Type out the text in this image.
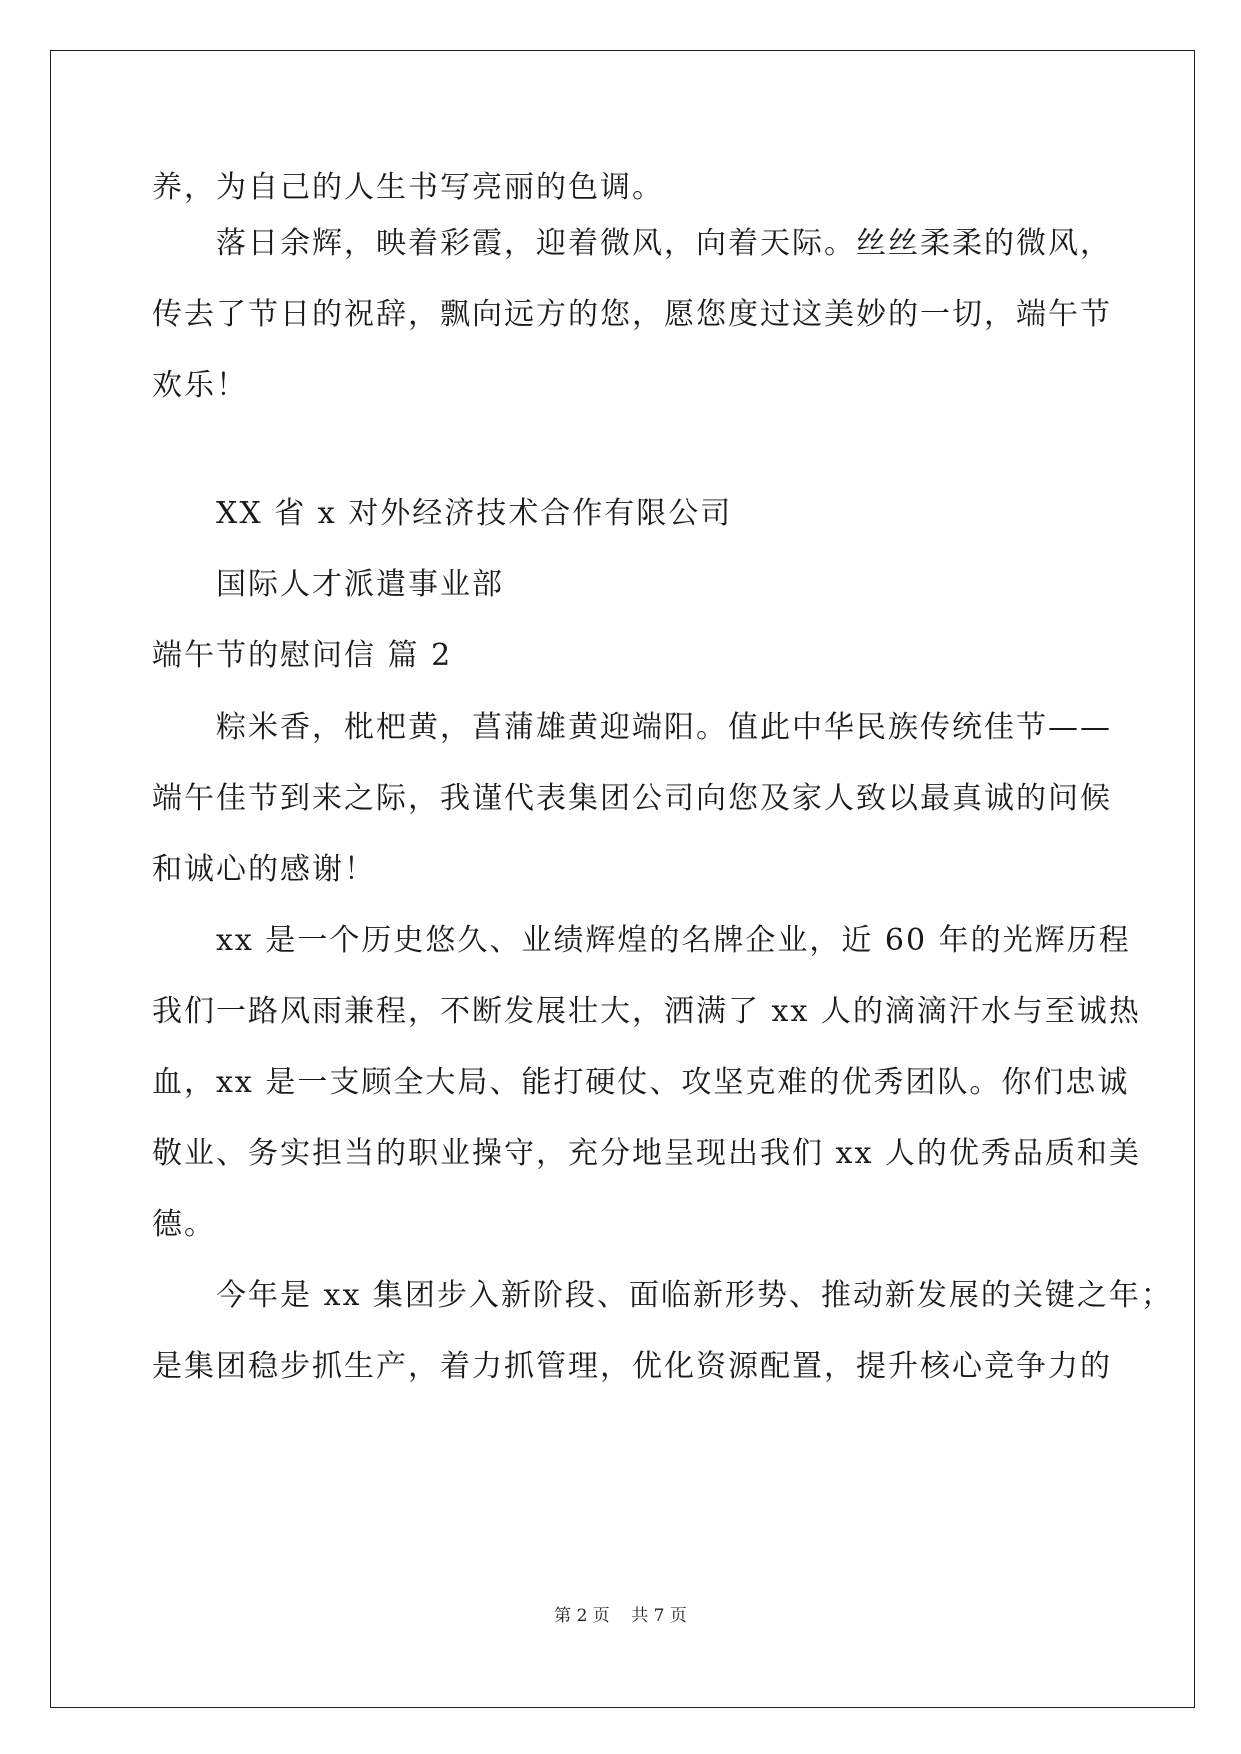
养，为自己的人生书写亮丽的色调。
落日余辉，映着彩霞，迎着微风，向着天际。丝丝柔柔的微风，
传去了节日的祝辞，飘向远方的您，愿您度过这美妙的一切，端午节
欢乐！
XX 省 x 对外经济技术合作有限公司
国际人才派遣事业部
端午节的慰问信 篇 2
粽米香，枇杷黄，菖蒲雄黄迎端阳。值此中华民族传统佳节——
端午佳节到来之际，我谨代表集团公司向您及家人致以最真诚的问候
和诚心的感谢！
xx 是一个历史悠久、业绩辉煌的名牌企业，近 60 年的光辉历程
我们一路风雨兼程，不断发展壮大，洒满了 xx 人的滴滴汗水与至诚热
血，xx 是一支顾全大局、能打硬仗、攻坚克难的优秀团队。你们忠诚
敬业、务实担当的职业操守，充分地呈现出我们 xx 人的优秀品质和美
德。
今年是 xx 集团步入新阶段、面临新形势、推动新发展的关键之年；
是集团稳步抓生产，着力抓管理，优化资源配置，提升核心竞争力的
第 2 页 共 7 页
